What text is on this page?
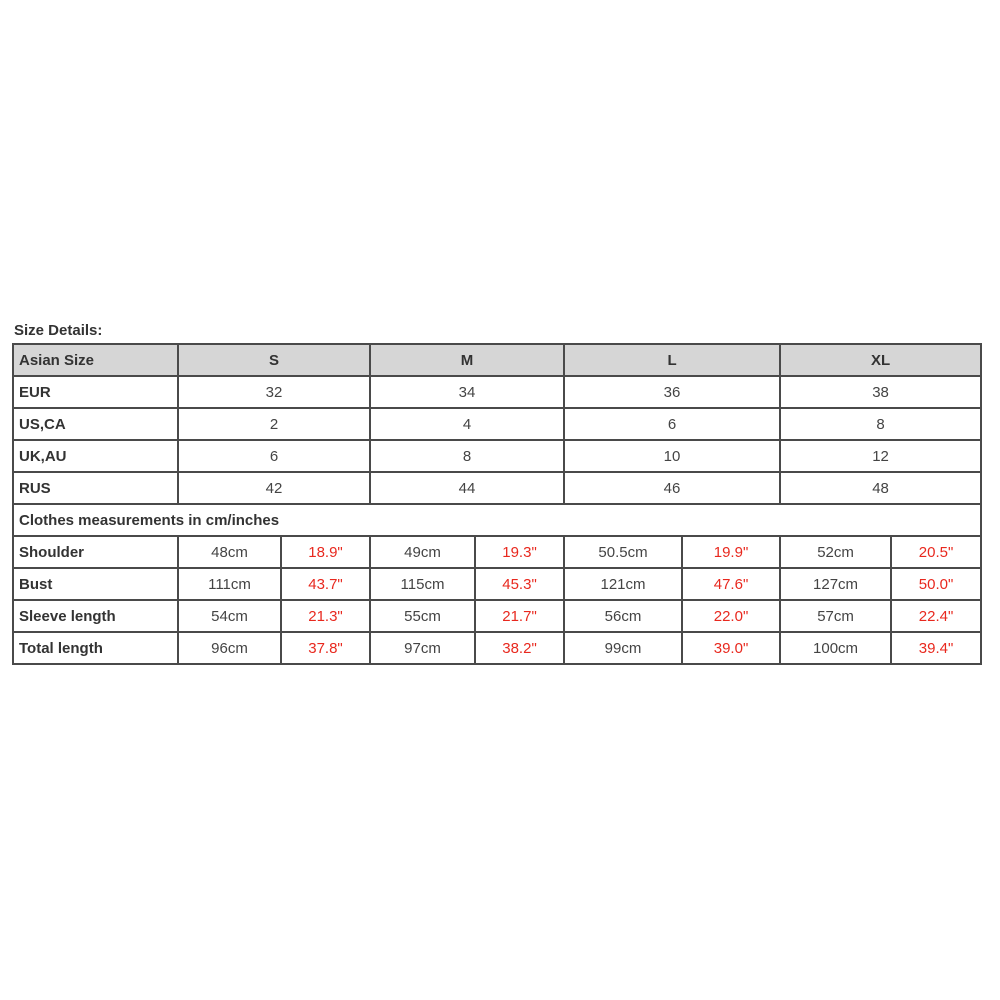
Size Details:
Asian Size	S		M		L		XL	
EUR	32		34		36		38	
US,CA	2		4		6		8	
UK,AU	6		8		10		12	
RUS	42		44		46		48	
Clothes measurements in cm/inches								
Shoulder	48cm	18.9"	49cm	19.3"	50.5cm	19.9"	52cm	20.5"
Bust	111cm	43.7"	115cm	45.3"	121cm	47.6"	127cm	50.0"
Sleeve length	54cm	21.3"	55cm	21.7"	56cm	22.0"	57cm	22.4"
Total length	96cm	37.8"	97cm	38.2"	99cm	39.0"	100cm	39.4"
